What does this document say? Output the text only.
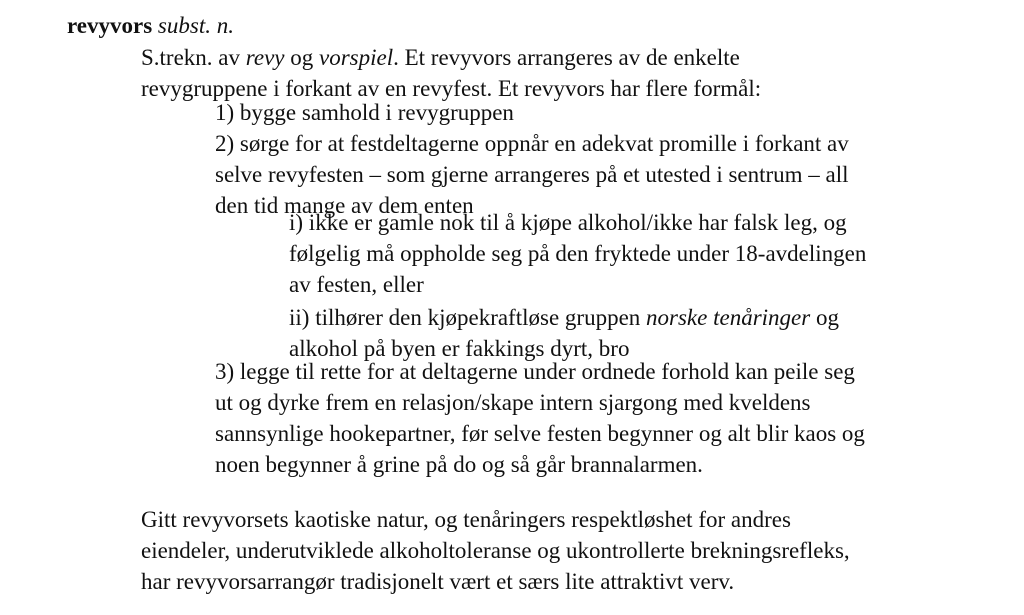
revyvors subst. n.
S.trekn. av revy og vorspiel. Et revyvors arrangeres av de enkelte
revygruppene i forkant av en revyfest. Et revyvors har flere formål:
1) bygge samhold i revygruppen
2) sørge for at festdeltagerne oppnår en adekvat promille i forkant av
selve revyfesten – som gjerne arrangeres på et utested i sentrum – all
den tid mange av dem enten
i) ikke er gamle nok til å kjøpe alkohol/ikke har falsk leg, og
følgelig må oppholde seg på den fryktede under 18-avdelingen
av festen, eller
ii) tilhører den kjøpekraftløse gruppen norske tenåringer og
alkohol på byen er fakkings dyrt, bro
3) legge til rette for at deltagerne under ordnede forhold kan peile seg
ut og dyrke frem en relasjon/skape intern sjargong med kveldens
sannsynlige hookepartner, før selve festen begynner og alt blir kaos og
noen begynner å grine på do og så går brannalarmen.
Gitt revyvorsets kaotiske natur, og tenåringers respektløshet for andres
eiendeler, underutviklede alkoholtoleranse og ukontrollerte brekningsrefleks,
har revyvorsarrangør tradisjonelt vært et særs lite attraktivt verv.
